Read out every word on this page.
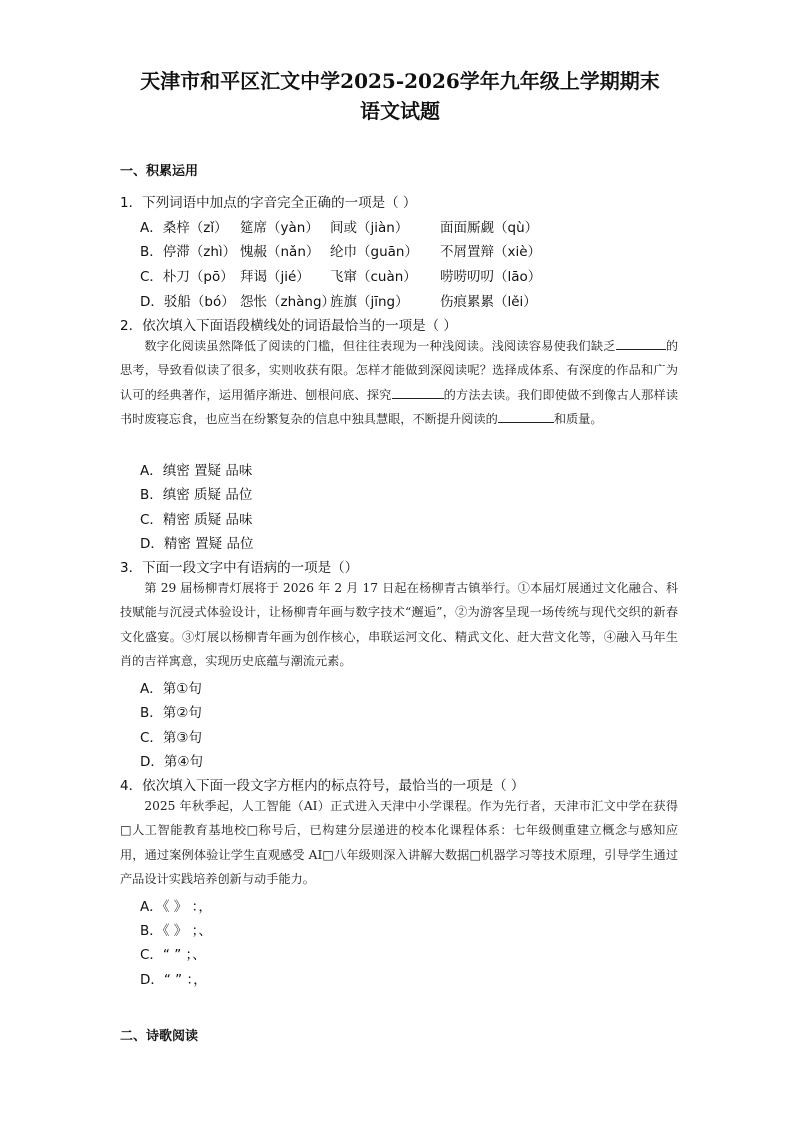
天津市和平区汇文中学2025-2026学年九年级上学期期末
语文试题
一、积累运用
1．下列词语中加点的字音完全正确的一项是（ ）
A．桑梓（zǐ） 筵席（yàn） 间或（jiàn） 面面厮觑（qù）
B．停滞（zhì） 愧赧（nǎn） 纶巾（guān） 不屑置辩（xiè）
C．朴刀（pō） 拜谒（jié） 飞窜（cuàn） 唠唠叨叨（lāo）
D．驳船（bó） 怨怅（zhàng）旌旗（jīng） 伤痕累累（lěi）
2．依次填入下面语段横线处的词语最恰当的一项是（ ）
数字化阅读虽然降低了阅读的门槛，但往往表现为一种浅阅读。浅阅读容易使我们缺乏	的思考，导致看似读了很多，实则收获有限。怎样才能做到深阅读呢？选择成体系、有深度的作品和广为认可的经典著作，运用循序渐进、刨根问底、探究	的方法去读。我们即使做不到像古人那样读书时废寝忘食，也应当在纷繁复杂的信息中独具慧眼，不断提升阅读的	和质量。
A．缜密 置疑 品味
B．缜密 质疑 品位
C．精密 质疑 品味
D．精密 置疑 品位
3．下面一段文字中有语病的一项是（）
第 29 届杨柳青灯展将于 2026 年 2 月 17 日起在杨柳青古镇举行。①本届灯展通过文化融合、科技赋能与沉浸式体验设计，让杨柳青年画与数字技术“邂逅”，②为游客呈现一场传统与现代交织的新春文化盛宴。③灯展以杨柳青年画为创作核心，串联运河文化、精武文化、赶大营文化等，④融入马年生肖的吉祥寓意，实现历史底蕴与潮流元素。
A．第①句
B．第②句
C．第③句
D．第④句
4．依次填入下面一段文字方框内的标点符号，最恰当的一项是（ ）
2025 年秋季起，人工智能（AI）正式进入天津中小学课程。作为先行者，天津市汇文中学在获得□人工智能教育基地校□称号后，已构建分层递进的校本化课程体系：七年级侧重建立概念与感知应用，通过案例体验让学生直观感受 AI□八年级则深入讲解大数据□机器学习等技术原理，引导学生通过产品设计实践培养创新与动手能力。
A．《 》 ：，
B．《 》 ；、
C．“ ” ；、
D．“ ” ：，
二、诗歌阅读
